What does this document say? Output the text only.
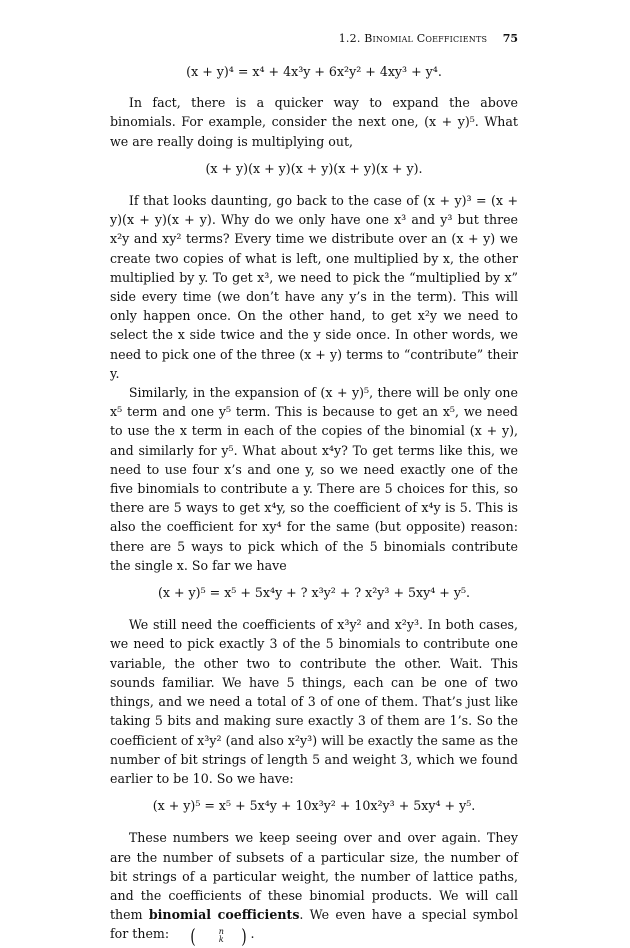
1.2. Binomial Coefficients 75
(x + y)⁴ = x⁴ + 4x³y + 6x²y² + 4xy³ + y⁴.

In fact, there is a quicker way to expand the above binomials. For example, consider the next one, (x + y)⁵. What we are really doing is multiplying out,

(x + y)(x + y)(x + y)(x + y)(x + y).

If that looks daunting, go back to the case of (x + y)³ = (x + y)(x + y)(x + y). Why do we only have one x³ and y³ but three x²y and xy² terms? Every time we distribute over an (x + y) we create two copies of what is left, one multiplied by x, the other multiplied by y. To get x³, we need to pick the “multiplied by x” side every time (we don’t have any y’s in the term). This will only happen once. On the other hand, to get x²y we need to select the x side twice and the y side once. In other words, we need to pick one of the three (x + y) terms to “contribute” their y.

Similarly, in the expansion of (x + y)⁵, there will be only one x⁵ term and one y⁵ term. This is because to get an x⁵, we need to use the x term in each of the copies of the binomial (x + y), and similarly for y⁵. What about x⁴y? To get terms like this, we need to use four x’s and one y, so we need exactly one of the five binomials to contribute a y. There are 5 choices for this, so there are 5 ways to get x⁴y, so the coefficient of x⁴y is 5. This is also the coefficient for xy⁴ for the same (but opposite) reason: there are 5 ways to pick which of the 5 binomials contribute the single x. So far we have

(x + y)⁵ = x⁵ + 5x⁴y + ? x³y² + ? x²y³ + 5xy⁴ + y⁵.

We still need the coefficients of x³y² and x²y³. In both cases, we need to pick exactly 3 of the 5 binomials to contribute one variable, the other two to contribute the other. Wait. This sounds familiar. We have 5 things, each can be one of two things, and we need a total of 3 of one of them. That’s just like taking 5 bits and making sure exactly 3 of them are 1’s. So the coefficient of x³y² (and also x²y³) will be exactly the same as the number of bit strings of length 5 and weight 3, which we found earlier to be 10. So we have:

(x + y)⁵ = x⁵ + 5x⁴y + 10x³y² + 10x²y³ + 5xy⁴ + y⁵.

These numbers we keep seeing over and over again. They are the number of subsets of a particular size, the number of bit strings of a particular weight, the number of lattice paths, and the coefficients of these binomial products. We will call them binomial coefficients. We even have a special symbol for them:	(	n
k ) .
